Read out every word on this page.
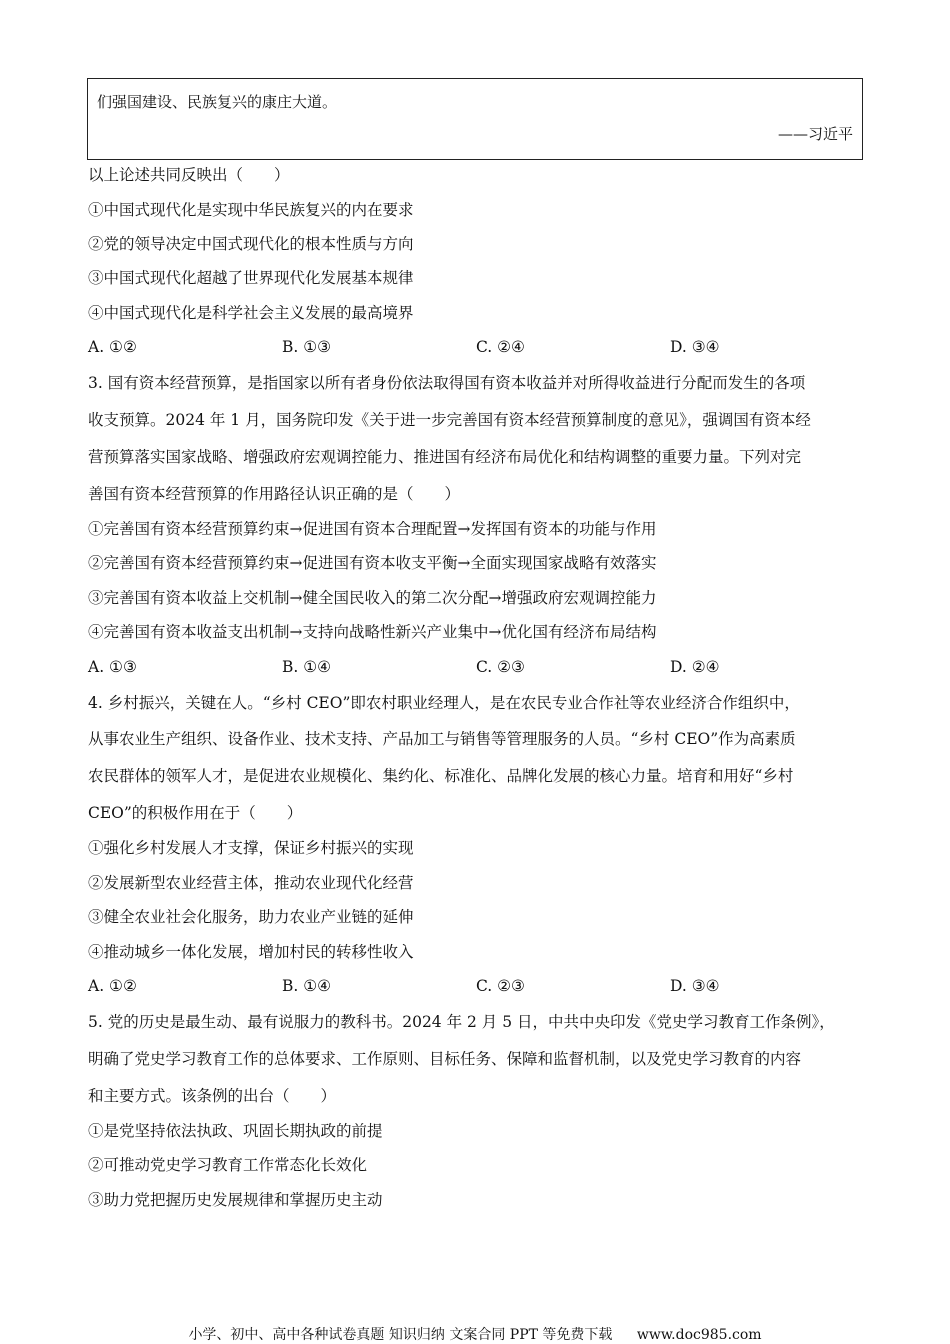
们强国建设、民族复兴的康庄大道。
——习近平
以上论述共同反映出（　　）
①中国式现代化是实现中华民族复兴的内在要求
②党的领导决定中国式现代化的根本性质与方向
③中国式现代化超越了世界现代化发展基本规律
④中国式现代化是科学社会主义发展的最高境界
A. ①②	B. ①③	C. ②④	D. ③④
3. 国有资本经营预算，是指国家以所有者身份依法取得国有资本收益并对所得收益进行分配而发生的各项
收支预算。2024 年 1 月，国务院印发《关于进一步完善国有资本经营预算制度的意见》，强调国有资本经
营预算落实国家战略、增强政府宏观调控能力、推进国有经济布局优化和结构调整的重要力量。下列对完
善国有资本经营预算的作用路径认识正确的是（　　）
①完善国有资本经营预算约束→促进国有资本合理配置→发挥国有资本的功能与作用
②完善国有资本经营预算约束→促进国有资本收支平衡→全面实现国家战略有效落实
③完善国有资本收益上交机制→健全国民收入的第二次分配→增强政府宏观调控能力
④完善国有资本收益支出机制→支持向战略性新兴产业集中→优化国有经济布局结构
A. ①③	B. ①④	C. ②③	D. ②④
4. 乡村振兴，关键在人。“乡村 CEO”即农村职业经理人，是在农民专业合作社等农业经济合作组织中，
从事农业生产组织、设备作业、技术支持、产品加工与销售等管理服务的人员。“乡村 CEO”作为高素质
农民群体的领军人才，是促进农业规模化、集约化、标准化、品牌化发展的核心力量。培育和用好“乡村
CEO”的积极作用在于（　　）
①强化乡村发展人才支撑，保证乡村振兴的实现
②发展新型农业经营主体，推动农业现代化经营
③健全农业社会化服务，助力农业产业链的延伸
④推动城乡一体化发展，增加村民的转移性收入
A. ①②	B. ①④	C. ②③	D. ③④
5. 党的历史是最生动、最有说服力的教科书。2024 年 2 月 5 日，中共中央印发《党史学习教育工作条例》，
明确了党史学习教育工作的总体要求、工作原则、目标任务、保障和监督机制，以及党史学习教育的内容
和主要方式。该条例的出台（　　）
①是党坚持依法执政、巩固长期执政的前提
②可推动党史学习教育工作常态化长效化
③助力党把握历史发展规律和掌握历史主动
小学、初中、高中各种试卷真题 知识归纳 文案合同 PPT 等免费下载 www.doc985.com
